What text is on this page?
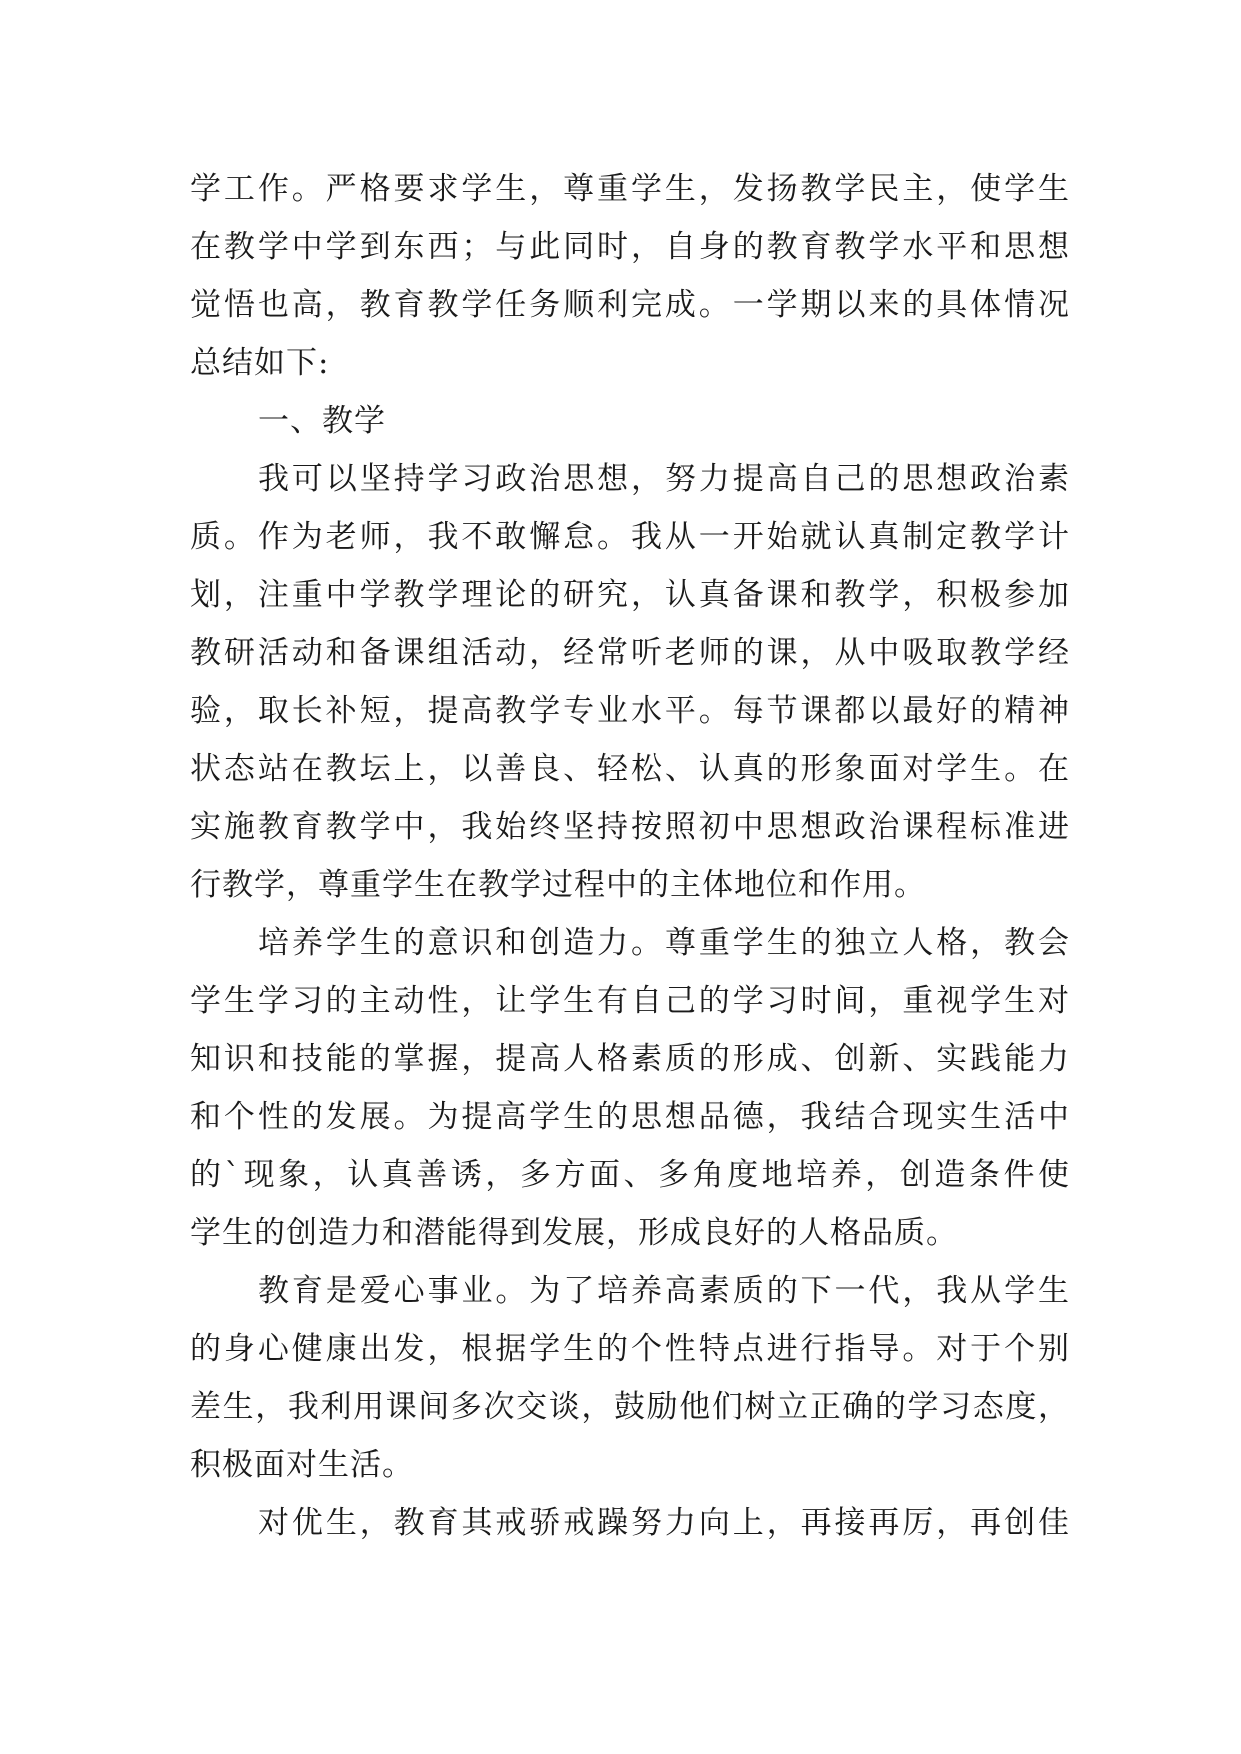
学工作。严格要求学生，尊重学生，发扬教学民主，使学生
在教学中学到东西；与此同时，自身的教育教学水平和思想
觉悟也高，教育教学任务顺利完成。一学期以来的具体情况
总结如下:
一、教学
我可以坚持学习政治思想，努力提高自己的思想政治素
质。作为老师，我不敢懈怠。我从一开始就认真制定教学计
划，注重中学教学理论的研究，认真备课和教学，积极参加
教研活动和备课组活动，经常听老师的课，从中吸取教学经
验，取长补短，提高教学专业水平。每节课都以最好的精神
状态站在教坛上，以善良、轻松、认真的形象面对学生。在
实施教育教学中，我始终坚持按照初中思想政治课程标准进
行教学，尊重学生在教学过程中的主体地位和作用。
培养学生的意识和创造力。尊重学生的独立人格，教会
学生学习的主动性，让学生有自己的学习时间，重视学生对
知识和技能的掌握，提高人格素质的形成、创新、实践能力
和个性的发展。为提高学生的思想品德，我结合现实生活中
的`现象，认真善诱，多方面、多角度地培养，创造条件使
学生的创造力和潜能得到发展，形成良好的人格品质。
教育是爱心事业。为了培养高素质的下一代，我从学生
的身心健康出发，根据学生的个性特点进行指导。对于个别
差生，我利用课间多次交谈，鼓励他们树立正确的学习态度，
积极面对生活。
对优生，教育其戒骄戒躁努力向上，再接再厉，再创佳
